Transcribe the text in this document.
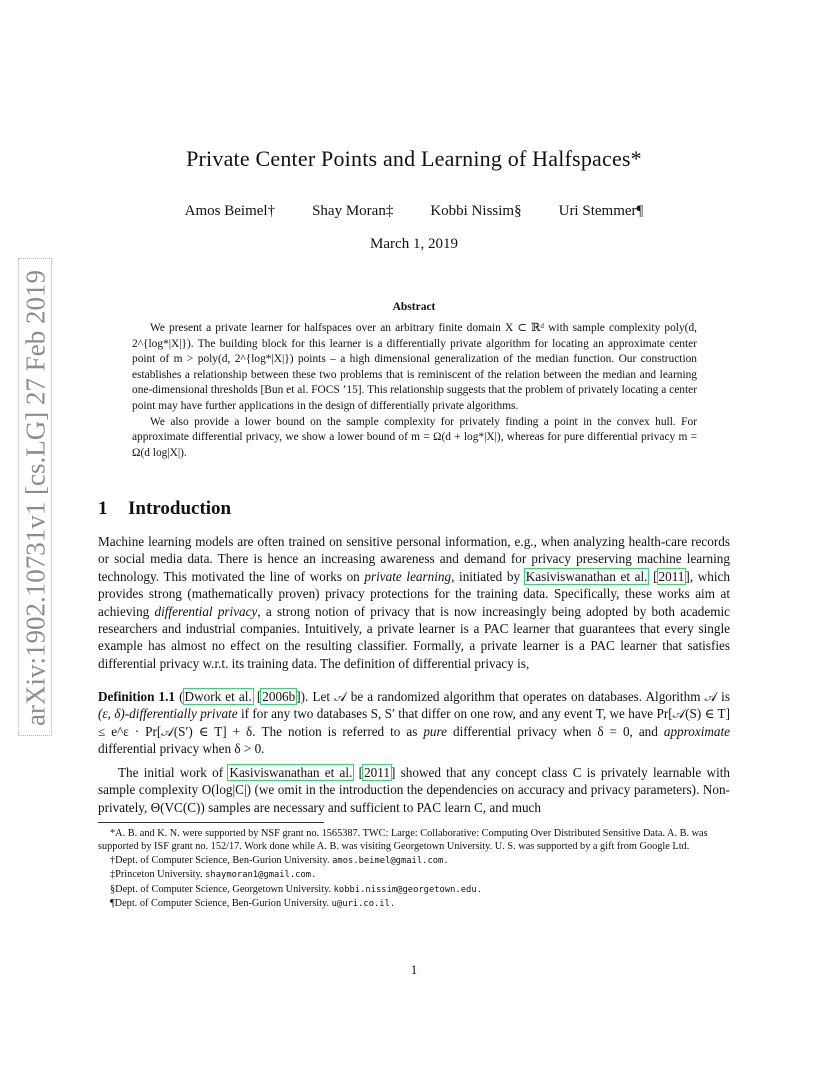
arXiv:1902.10731v1 [cs.LG] 27 Feb 2019
Private Center Points and Learning of Halfspaces*
Amos Beimel† Shay Moran‡ Kobbi Nissim§ Uri Stemmer¶
March 1, 2019
Abstract

We present a private learner for halfspaces over an arbitrary finite domain X ⊂ ℝᵈ with sample complexity poly(d, 2^{log*|X|}). The building block for this learner is a differentially private algorithm for locating an approximate center point of m > poly(d, 2^{log*|X|}) points – a high dimensional generalization of the median function. Our construction establishes a relationship between these two problems that is reminiscent of the relation between the median and learning one-dimensional thresholds [Bun et al. FOCS ’15]. This relationship suggests that the problem of privately locating a center point may have further applications in the design of differentially private algorithms.

We also provide a lower bound on the sample complexity for privately finding a point in the convex hull. For approximate differential privacy, we show a lower bound of m = Ω(d + log*|X|), whereas for pure differential privacy m = Ω(d log|X|).

1 Introduction

Machine learning models are often trained on sensitive personal information, e.g., when analyzing health-care records or social media data. There is hence an increasing awareness and demand for privacy preserving machine learning technology. This motivated the line of works on private learning, initiated by Kasiviswanathan et al. [2011], which provides strong (mathematically proven) privacy protections for the training data. Specifically, these works aim at achieving differential privacy, a strong notion of privacy that is now increasingly being adopted by both academic researchers and industrial companies. Intuitively, a private learner is a PAC learner that guarantees that every single example has almost no effect on the resulting classifier. Formally, a private learner is a PAC learner that satisfies differential privacy w.r.t. its training data. The definition of differential privacy is,

Definition 1.1 (Dwork et al. [2006b]). Let 𝒜 be a randomized algorithm that operates on databases. Algorithm 𝒜 is (ε, δ)-differentially private if for any two databases S, S′ that differ on one row, and any event T, we have Pr[𝒜(S) ∈ T] ≤ e^ε · Pr[𝒜(S′) ∈ T] + δ. The notion is referred to as pure differential privacy when δ = 0, and approximate differential privacy when δ > 0.

The initial work of Kasiviswanathan et al. [2011] showed that any concept class C is privately learnable with sample complexity O(log|C|) (we omit in the introduction the dependencies on accuracy and privacy parameters). Non-privately, Θ(VC(C)) samples are necessary and sufficient to PAC learn C, and much

*A. B. and K. N. were supported by NSF grant no. 1565387. TWC: Large: Collaborative: Computing Over Distributed Sensitive Data. A. B. was supported by ISF grant no. 152/17. Work done while A. B. was visiting Georgetown University. U. S. was supported by a gift from Google Ltd.

†Dept. of Computer Science, Ben-Gurion University. amos.beimel@gmail.com.

‡Princeton University. shaymoran1@gmail.com.

§Dept. of Computer Science, Georgetown University. kobbi.nissim@georgetown.edu.

¶Dept. of Computer Science, Ben-Gurion University. u@uri.co.il.

1
